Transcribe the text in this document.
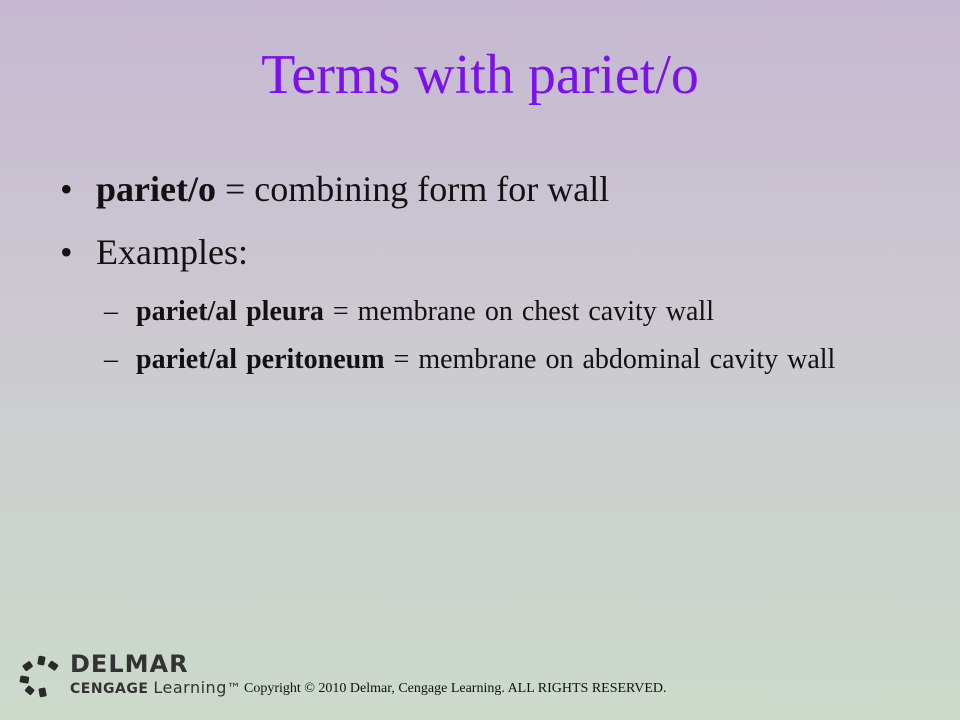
Terms with pariet/o
• pariet/o = combining form for wall
• Examples:
– pariet/al pleura = membrane on chest cavity wall
– pariet/al peritoneum = membrane on abdominal cavity wall
DELMAR
CENGAGE Learning™ Copyright © 2010 Delmar, Cengage Learning. ALL RIGHTS RESERVED.
